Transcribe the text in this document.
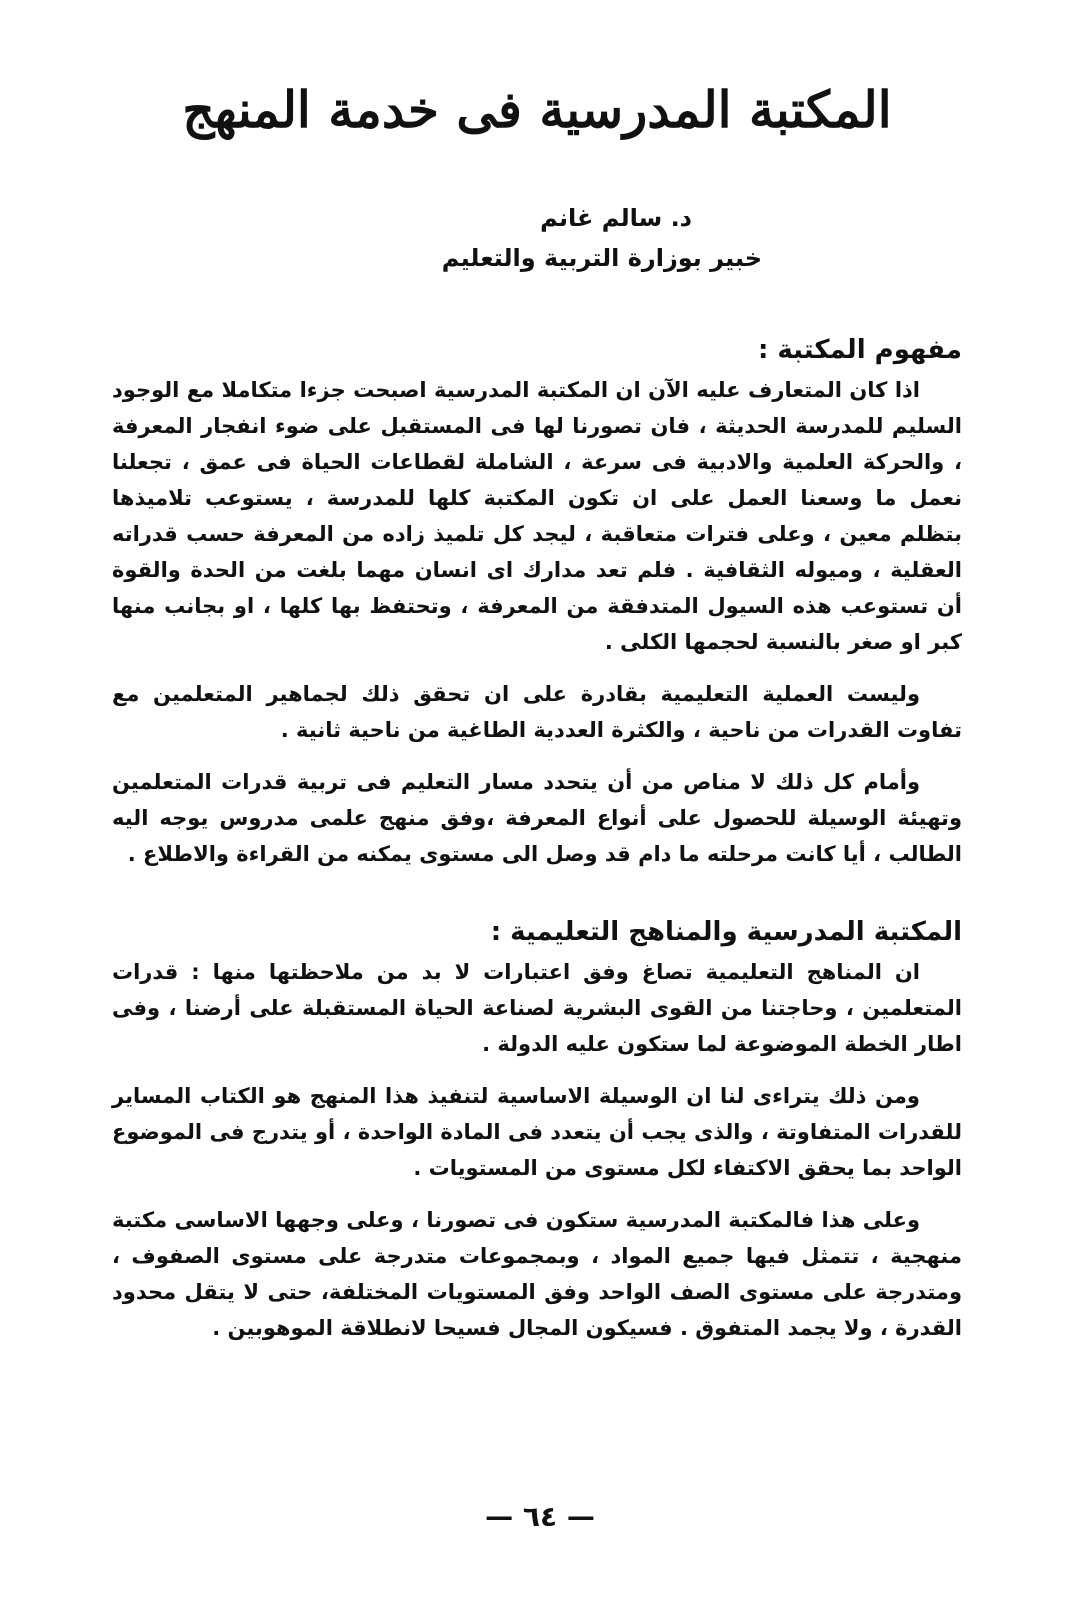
المكتبة المدرسية فى خدمة المنهج
د. سالم غانم
خبير بوزارة التربية والتعليم
مفهوم المكتبة :

اذا كان المتعارف عليه الآن ان المكتبة المدرسية اصبحت جزءا متكاملا مع الوجود السليم للمدرسة الحديثة ، فان تصورنا لها فى المستقبل على ضوء انفجار المعرفة ، والحركة العلمية والادبية فى سرعة ، الشاملة لقطاعات الحياة فى عمق ، تجعلنا نعمل ما وسعنا العمل على ان تكون المكتبة كلها للمدرسة ، يستوعب تلاميذها بتظلم معين ، وعلى فترات متعاقبة ، ليجد كل تلميذ زاده من المعرفة حسب قدراته العقلية ، وميوله الثقافية . فلم تعد مدارك اى انسان مهما بلغت من الحدة والقوة أن تستوعب هذه السيول المتدفقة من المعرفة ، وتحتفظ بها كلها ، او بجانب منها كبر او صغر بالنسبة لحجمها الكلى .

وليست العملية التعليمية بقادرة على ان تحقق ذلك لجماهير المتعلمين مع تفاوت القدرات من ناحية ، والكثرة العددية الطاغية من ناحية ثانية .

وأمام كل ذلك لا مناص من أن يتحدد مسار التعليم فى تربية قدرات المتعلمين وتهيئة الوسيلة للحصول على أنواع المعرفة ،وفق منهج علمى مدروس يوجه اليه الطالب ، أيا كانت مرحلته ما دام قد وصل الى مستوى يمكنه من القراءة والاطلاع .

المكتبة المدرسية والمناهج التعليمية :

ان المناهج التعليمية تصاغ وفق اعتبارات لا بد من ملاحظتها منها : قدرات المتعلمين ، وحاجتنا من القوى البشرية لصناعة الحياة المستقبلة على أرضنا ، وفى اطار الخطة الموضوعة لما ستكون عليه الدولة .

ومن ذلك يتراءى لنا ان الوسيلة الاساسية لتنفيذ هذا المنهج هو الكتاب المساير للقدرات المتفاوتة ، والذى يجب أن يتعدد فى المادة الواحدة ، أو يتدرج فى الموضوع الواحد بما يحقق الاكتفاء لكل مستوى من المستويات .

وعلى هذا فالمكتبة المدرسية ستكون فى تصورنا ، وعلى وجهها الاساسى مكتبة منهجية ، تتمثل فيها جميع المواد ، وبمجموعات متدرجة على مستوى الصفوف ، ومتدرجة على مستوى الصف الواحد وفق المستويات المختلفة، حتى لا يتقل محدود القدرة ، ولا يجمد المتفوق . فسيكون المجال فسيحا لانطلاقة الموهوبين .

— ٦٤ —
